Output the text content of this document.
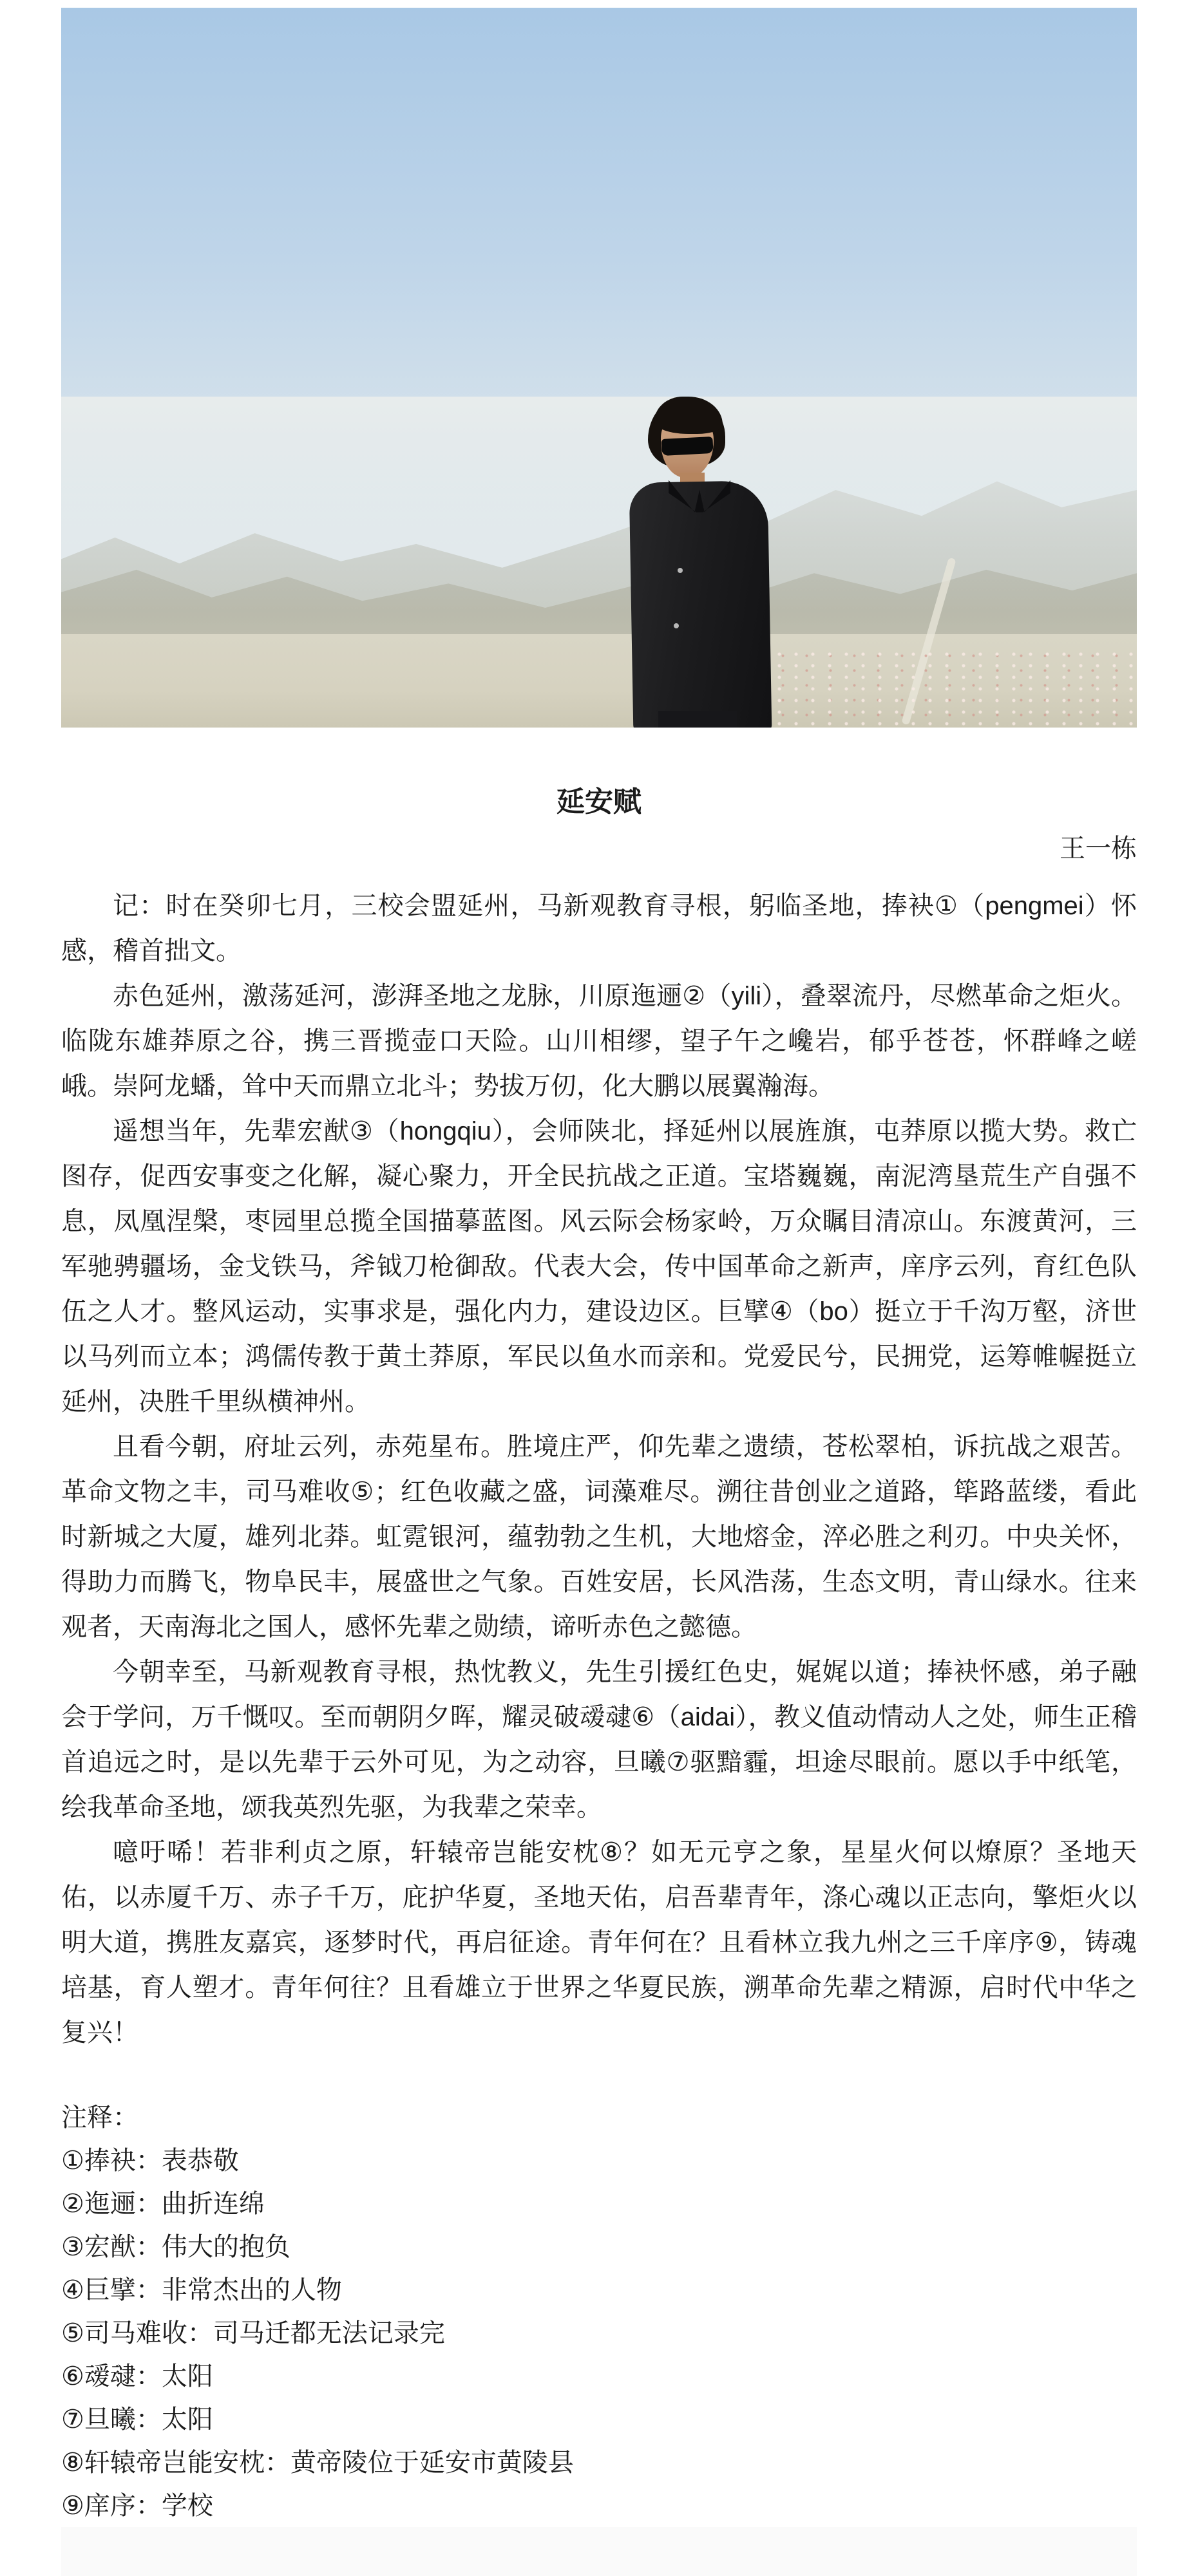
延安赋
王一栋

记：时在癸卯七月，三校会盟延州，马新观教育寻根，躬临圣地，捧袂①（pengmei）怀感，稽首拙文。

赤色延州，激荡延河，澎湃圣地之龙脉，川原迤逦②（yili），叠翠流丹，尽燃革命之炬火。临陇东雄莽原之谷，携三晋揽壶口天险。山川相缪，望子午之巉岩，郁乎苍苍，怀群峰之嵯峨。崇阿龙蟠，耸中天而鼎立北斗；势拔万仞，化大鹏以展翼瀚海。

遥想当年，先辈宏猷③（hongqiu），会师陕北，择延州以展旌旗，屯莽原以揽大势。救亡图存，促西安事变之化解，凝心聚力，开全民抗战之正道。宝塔巍巍，南泥湾垦荒生产自强不息，凤凰涅槃，枣园里总揽全国描摹蓝图。风云际会杨家岭，万众瞩目清凉山。东渡黄河，三军驰骋疆场，金戈铁马，斧钺刀枪御敌。代表大会，传中国革命之新声，庠序云列，育红色队伍之人才。整风运动，实事求是，强化内力，建设边区。巨擘④（bo）挺立于千沟万壑，济世以马列而立本；鸿儒传教于黄土莽原，军民以鱼水而亲和。党爱民兮，民拥党，运筹帷幄挺立延州，决胜千里纵横神州。

且看今朝，府址云列，赤苑星布。胜境庄严，仰先辈之遗绩，苍松翠柏，诉抗战之艰苦。革命文物之丰，司马难收⑤；红色收藏之盛，词藻难尽。溯往昔创业之道路，筚路蓝缕，看此时新城之大厦，雄列北莽。虹霓银河，蕴勃勃之生机，大地熔金，淬必胜之利刃。中央关怀，得助力而腾飞，物阜民丰，展盛世之气象。百姓安居，长风浩荡，生态文明，青山绿水。往来观者，天南海北之国人，感怀先辈之勋绩，谛听赤色之懿德。

今朝幸至，马新观教育寻根，热忱教义，先生引援红色史，娓娓以道；捧袂怀感，弟子融会于学问，万千慨叹。至而朝阴夕晖，耀灵破叆叇⑥（aidai），教义值动情动人之处，师生正稽首追远之时，是以先辈于云外可见，为之动容，旦曦⑦驱黯霾，坦途尽眼前。愿以手中纸笔，绘我革命圣地，颂我英烈先驱，为我辈之荣幸。

噫吁唏！若非利贞之原，轩辕帝岂能安枕⑧？如无元亨之象，星星火何以燎原？圣地天佑，以赤厦千万、赤子千万，庇护华夏，圣地天佑，启吾辈青年，涤心魂以正志向，擎炬火以明大道，携胜友嘉宾，逐梦时代，再启征途。青年何在？且看林立我九州之三千庠序⑨，铸魂培基，育人塑才。青年何往？且看雄立于世界之华夏民族，溯革命先辈之精源，启时代中华之复兴！

注释：
①捧袂：表恭敬
②迤逦：曲折连绵
③宏猷：伟大的抱负
④巨擘：非常杰出的人物
⑤司马难收：司马迁都无法记录完
⑥叆叇：太阳
⑦旦曦：太阳
⑧轩辕帝岂能安枕：黄帝陵位于延安市黄陵县
⑨庠序：学校
